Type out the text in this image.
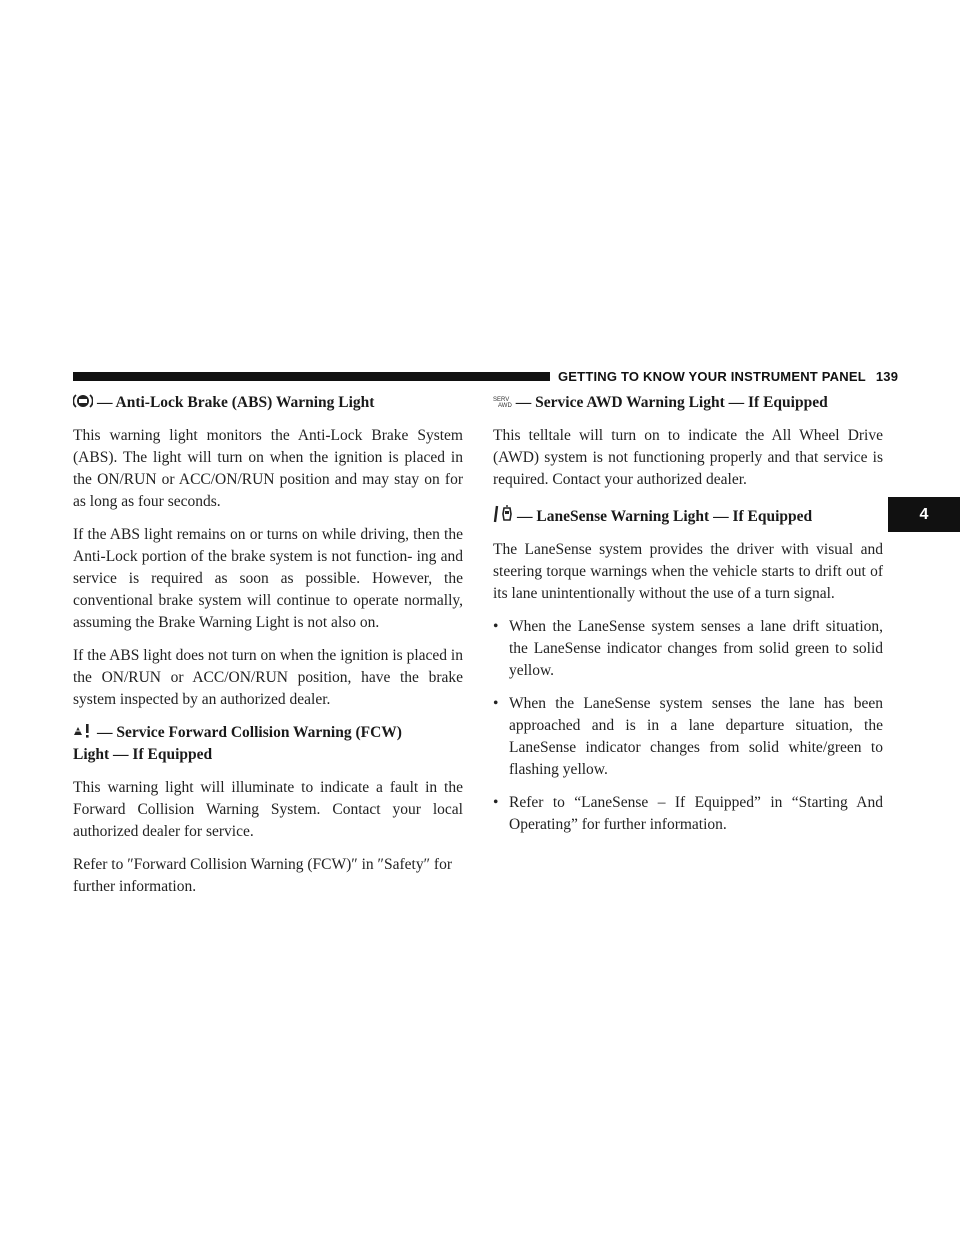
GETTING TO KNOW YOUR INSTRUMENT PANEL 139
4
— Anti-Lock Brake (ABS) Warning Light

This warning light monitors the Anti-Lock Brake System (ABS). The light will turn on when the ignition is placed in the ON/RUN or ACC/ON/RUN position and may stay on for as long as four seconds.

If the ABS light remains on or turns on while driving, then the Anti-Lock portion of the brake system is not function- ing and service is required as soon as possible. However, the conventional brake system will continue to operate normally, assuming the Brake Warning Light is not also on.

If the ABS light does not turn on when the ignition is placed in the ON/RUN or ACC/ON/RUN position, have the brake system inspected by an authorized dealer.

— Service Forward Collision Warning (FCW)
Light — If Equipped

This warning light will illuminate to indicate a fault in the Forward Collision Warning System. Contact your local authorized dealer for service.

Refer to ″Forward Collision Warning (FCW)″ in ″Safety″ for further information.

SERV
AWD — Service AWD Warning Light — If Equipped

This telltale will turn on to indicate the All Wheel Drive (AWD) system is not functioning properly and that service is required. Contact your authorized dealer.

— LaneSense Warning Light — If Equipped

The LaneSense system provides the driver with visual and steering torque warnings when the vehicle starts to drift out of its lane unintentionally without the use of a turn signal.

• When the LaneSense system senses a lane drift situation, the LaneSense indicator changes from solid green to solid yellow.
• When the LaneSense system senses the lane has been approached and is in a lane departure situation, the LaneSense indicator changes from solid white/green to flashing yellow.
• Refer to “LaneSense – If Equipped” in “Starting And Operating” for further information.
